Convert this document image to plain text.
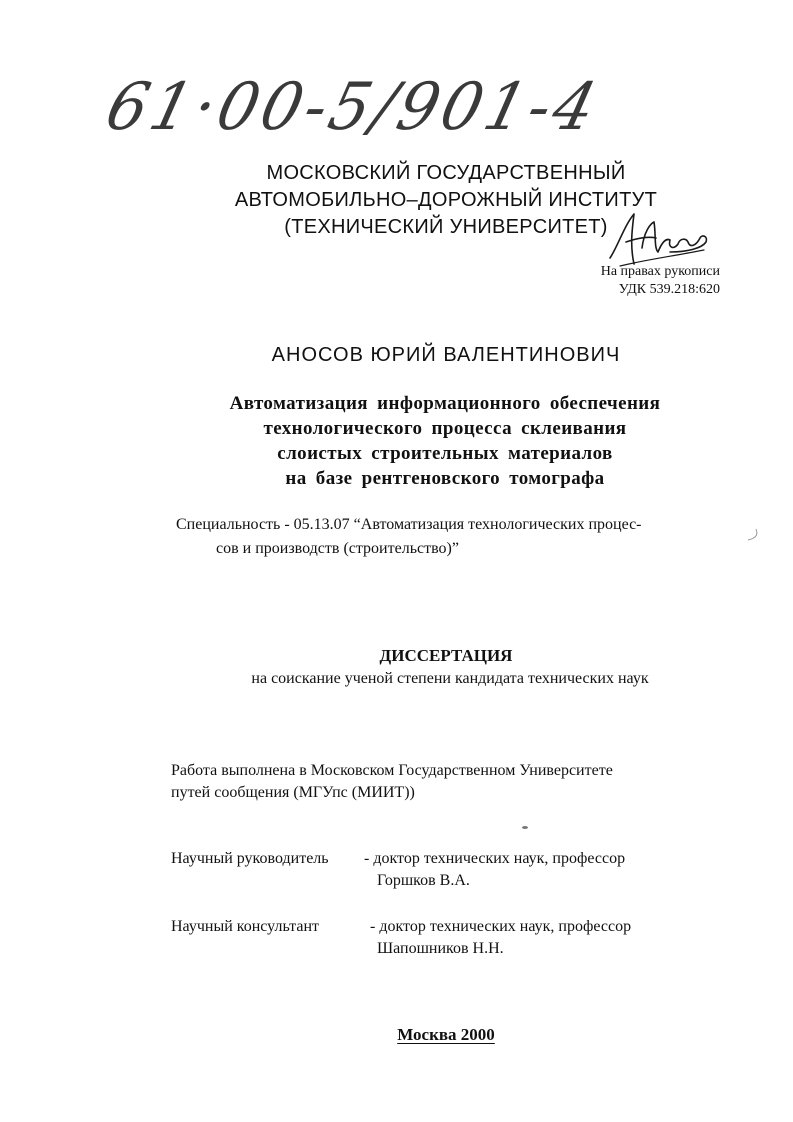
61·00-5/901-4
МОСКОВСКИЙ ГОСУДАРСТВЕННЫЙ
АВТОМОБИЛЬНО–ДОРОЖНЫЙ ИНСТИТУТ
(ТЕХНИЧЕСКИЙ УНИВЕРСИТЕТ)
На правах рукописи
УДК 539.218:620
АНОСОВ ЮРИЙ ВАЛЕНТИНОВИЧ
Автоматизация информационного обеспечения
технологического процесса склеивания
слоистых строительных материалов
на базе рентгеновского томографа
Специальность - 05.13.07 “Автоматизация технологических процес-
сов и производств (строительство)”
ДИССЕРТАЦИЯ
на соискание ученой степени кандидата технических наук
Работа выполнена в Московском Государственном Университете
путей сообщения (МГУпс (МИИТ))
Научный руководитель - доктор технических наук, профессор
Горшков В.А.
Научный консультант	- доктор технических наук, профессор
Шапошников Н.Н.
Москва 2000
